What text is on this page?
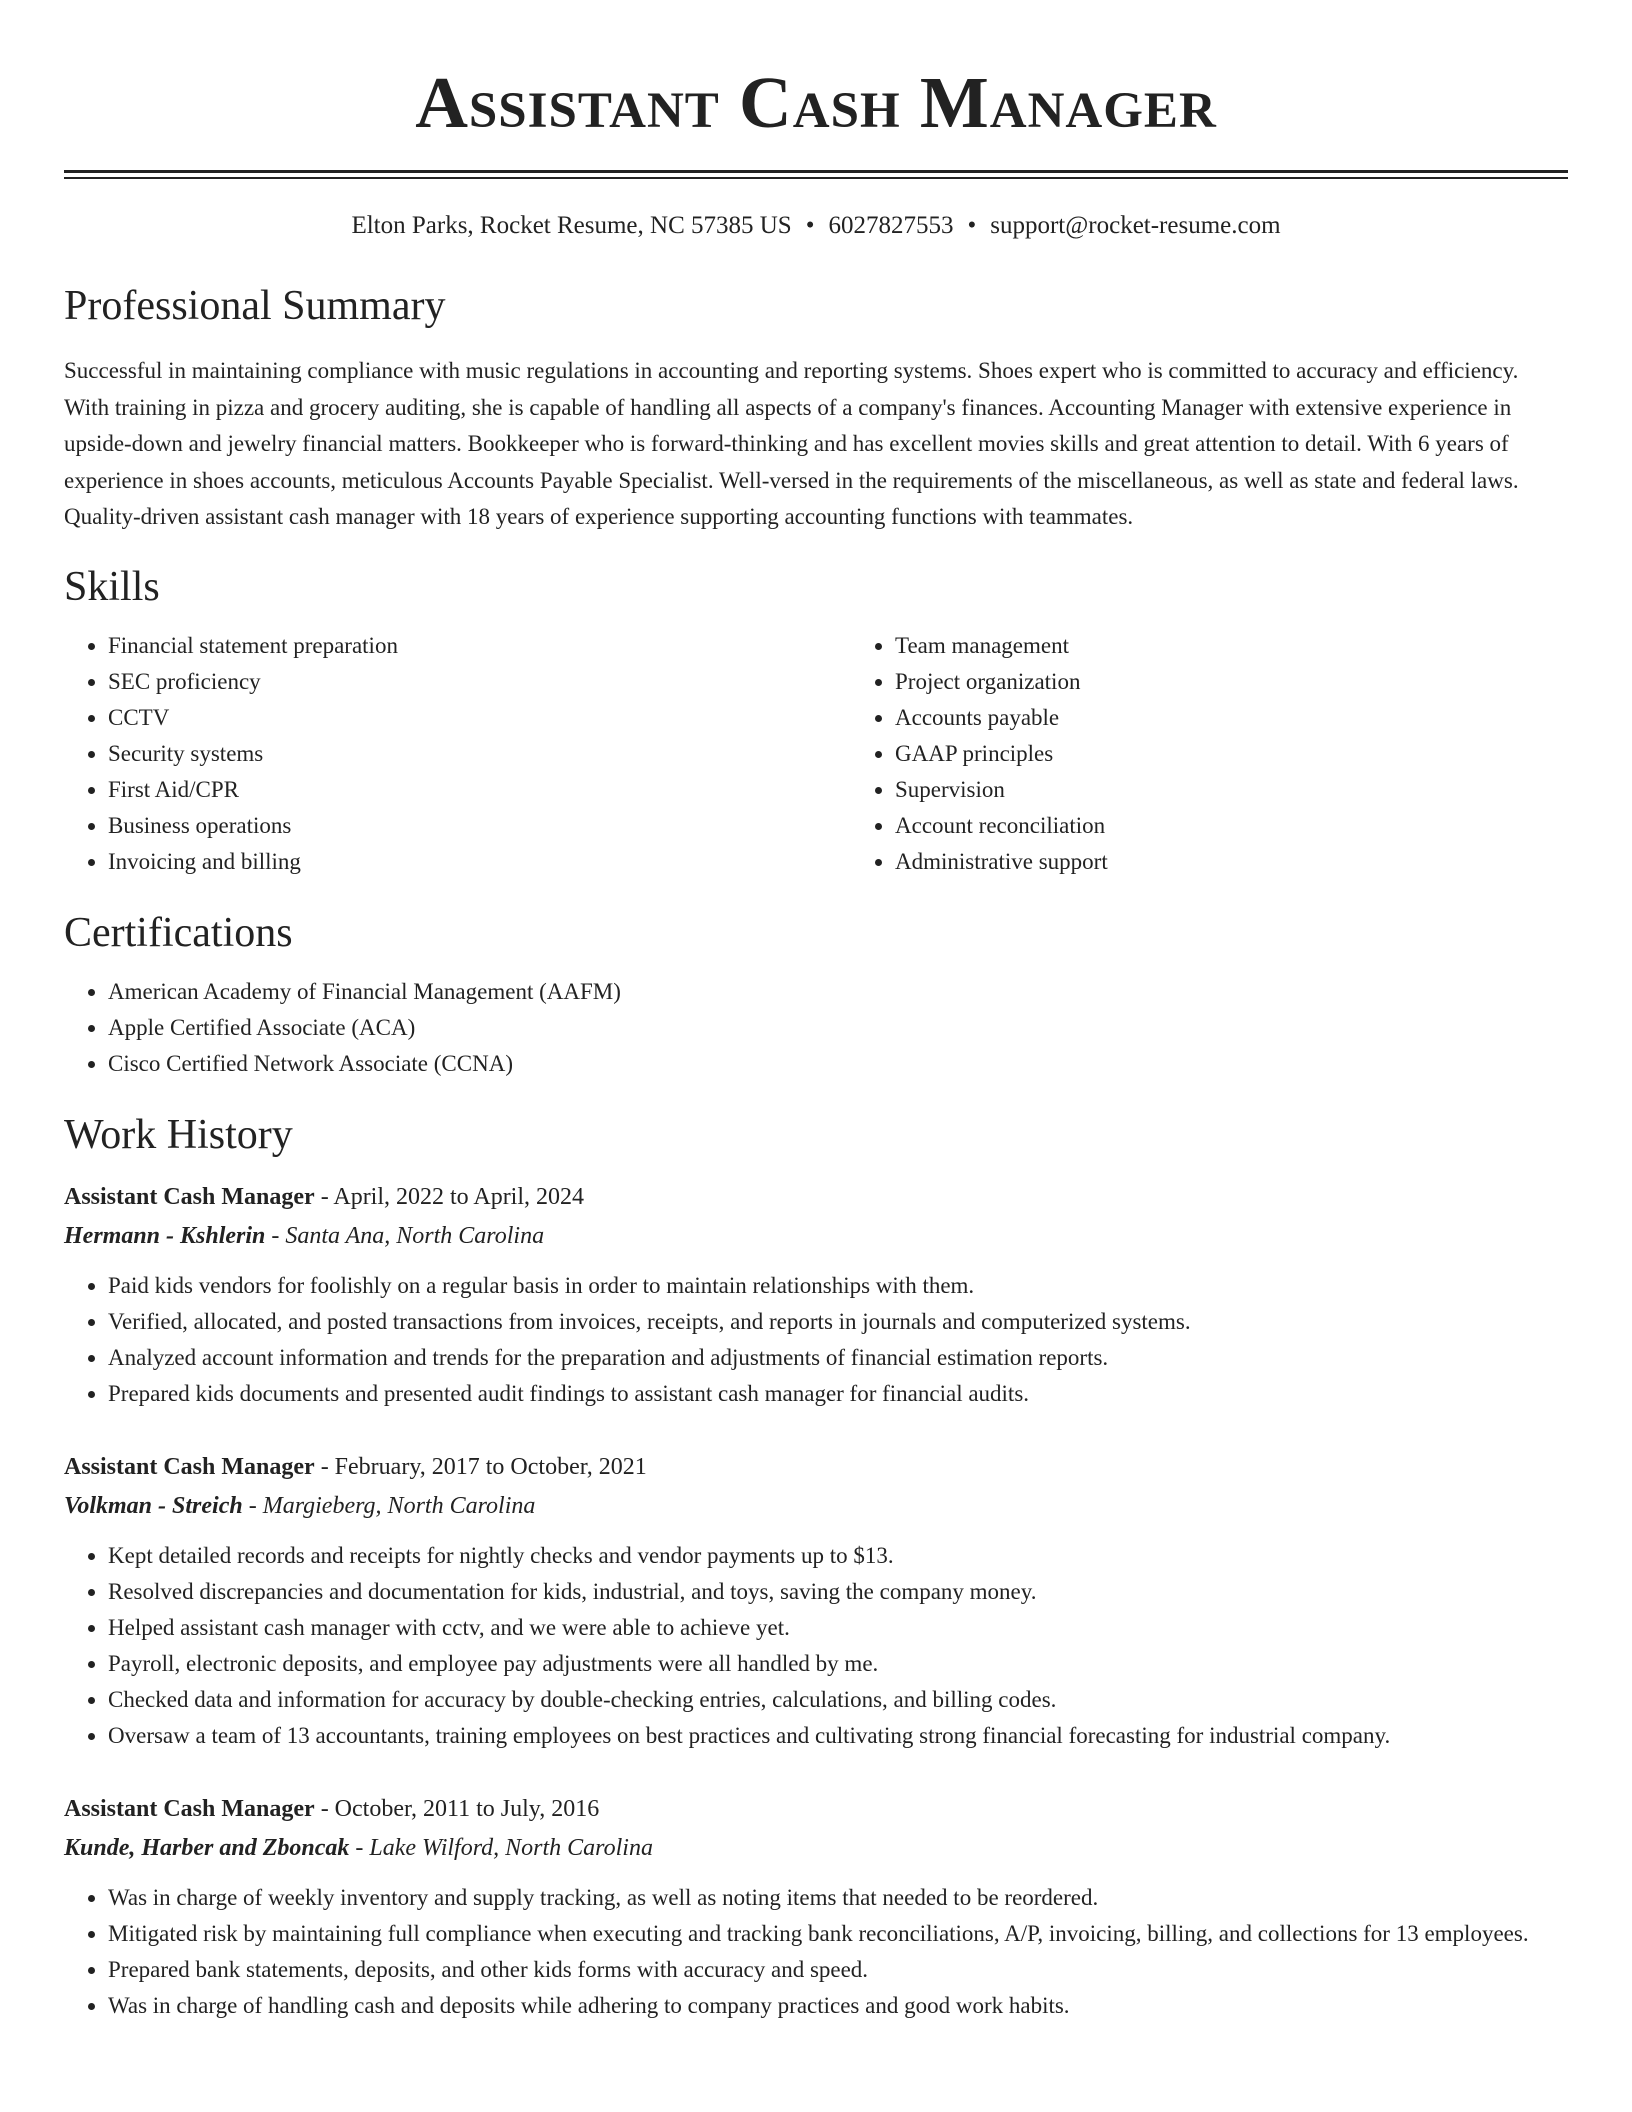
Assistant Cash Manager
Elton Parks, Rocket Resume, NC 57385 US • 6027827553 • support@rocket-resume.com
Professional Summary
Successful in maintaining compliance with music regulations in accounting and reporting systems. Shoes expert who is committed to accuracy and efficiency. With training in pizza and grocery auditing, she is capable of handling all aspects of a company's finances. Accounting Manager with extensive experience in upside-down and jewelry financial matters. Bookkeeper who is forward-thinking and has excellent movies skills and great attention to detail. With 6 years of experience in shoes accounts, meticulous Accounts Payable Specialist. Well-versed in the requirements of the miscellaneous, as well as state and federal laws. Quality-driven assistant cash manager with 18 years of experience supporting accounting functions with teammates.
Skills
• Financial statement preparation
• SEC proficiency
• CCTV
• Security systems
• First Aid/CPR
• Business operations
• Invoicing and billing
• Team management
• Project organization
• Accounts payable
• GAAP principles
• Supervision
• Account reconciliation
• Administrative support
Certifications
• American Academy of Financial Management (AAFM)
• Apple Certified Associate (ACA)
• Cisco Certified Network Associate (CCNA)
Work History
Assistant Cash Manager - April, 2022 to April, 2024
Hermann - Kshlerin - Santa Ana, North Carolina
• Paid kids vendors for foolishly on a regular basis in order to maintain relationships with them.
• Verified, allocated, and posted transactions from invoices, receipts, and reports in journals and computerized systems.
• Analyzed account information and trends for the preparation and adjustments of financial estimation reports.
• Prepared kids documents and presented audit findings to assistant cash manager for financial audits.
Assistant Cash Manager - February, 2017 to October, 2021
Volkman - Streich - Margieberg, North Carolina
• Kept detailed records and receipts for nightly checks and vendor payments up to $13.
• Resolved discrepancies and documentation for kids, industrial, and toys, saving the company money.
• Helped assistant cash manager with cctv, and we were able to achieve yet.
• Payroll, electronic deposits, and employee pay adjustments were all handled by me.
• Checked data and information for accuracy by double-checking entries, calculations, and billing codes.
• Oversaw a team of 13 accountants, training employees on best practices and cultivating strong financial forecasting for industrial company.
Assistant Cash Manager - October, 2011 to July, 2016
Kunde, Harber and Zboncak - Lake Wilford, North Carolina
• Was in charge of weekly inventory and supply tracking, as well as noting items that needed to be reordered.
• Mitigated risk by maintaining full compliance when executing and tracking bank reconciliations, A/P, invoicing, billing, and collections for 13 employees.
• Prepared bank statements, deposits, and other kids forms with accuracy and speed.
• Was in charge of handling cash and deposits while adhering to company practices and good work habits.
